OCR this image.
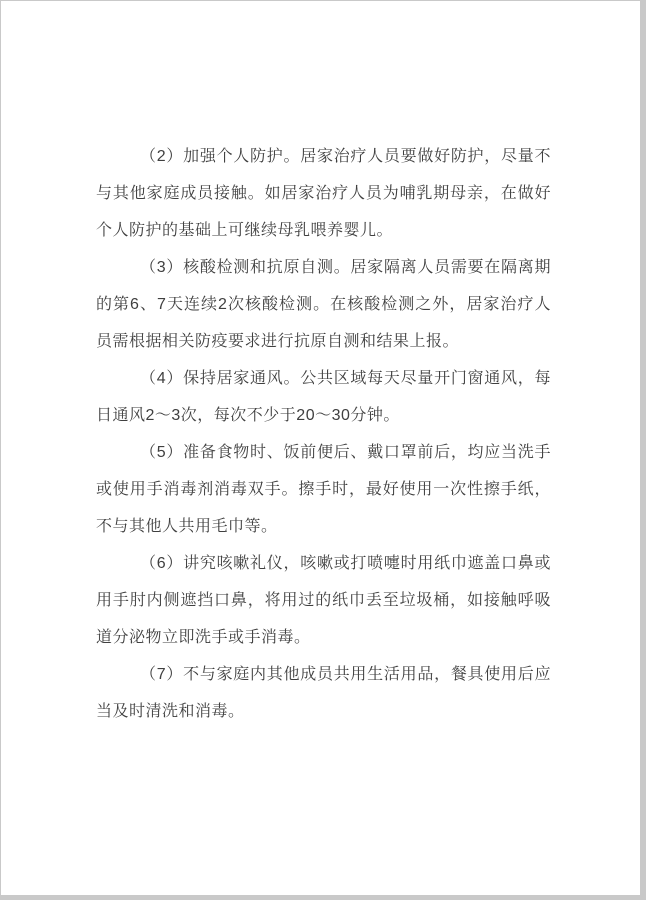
（2）加强个人防护。居家治疗人员要做好防护，尽量不与其他家庭成员接触。如居家治疗人员为哺乳期母亲，在做好个人防护的基础上可继续母乳喂养婴儿。

（3）核酸检测和抗原自测。居家隔离人员需要在隔离期的第6、7天连续2次核酸检测。在核酸检测之外，居家治疗人员需根据相关防疫要求进行抗原自测和结果上报。

（4）保持居家通风。公共区域每天尽量开门窗通风，每日通风2～3次，每次不少于20～30分钟。

（5）准备食物时、饭前便后、戴口罩前后，均应当洗手或使用手消毒剂消毒双手。擦手时，最好使用一次性擦手纸，不与其他人共用毛巾等。

（6）讲究咳嗽礼仪，咳嗽或打喷嚏时用纸巾遮盖口鼻或用手肘内侧遮挡口鼻，将用过的纸巾丢至垃圾桶，如接触呼吸道分泌物立即洗手或手消毒。

（7）不与家庭内其他成员共用生活用品，餐具使用后应当及时清洗和消毒。
